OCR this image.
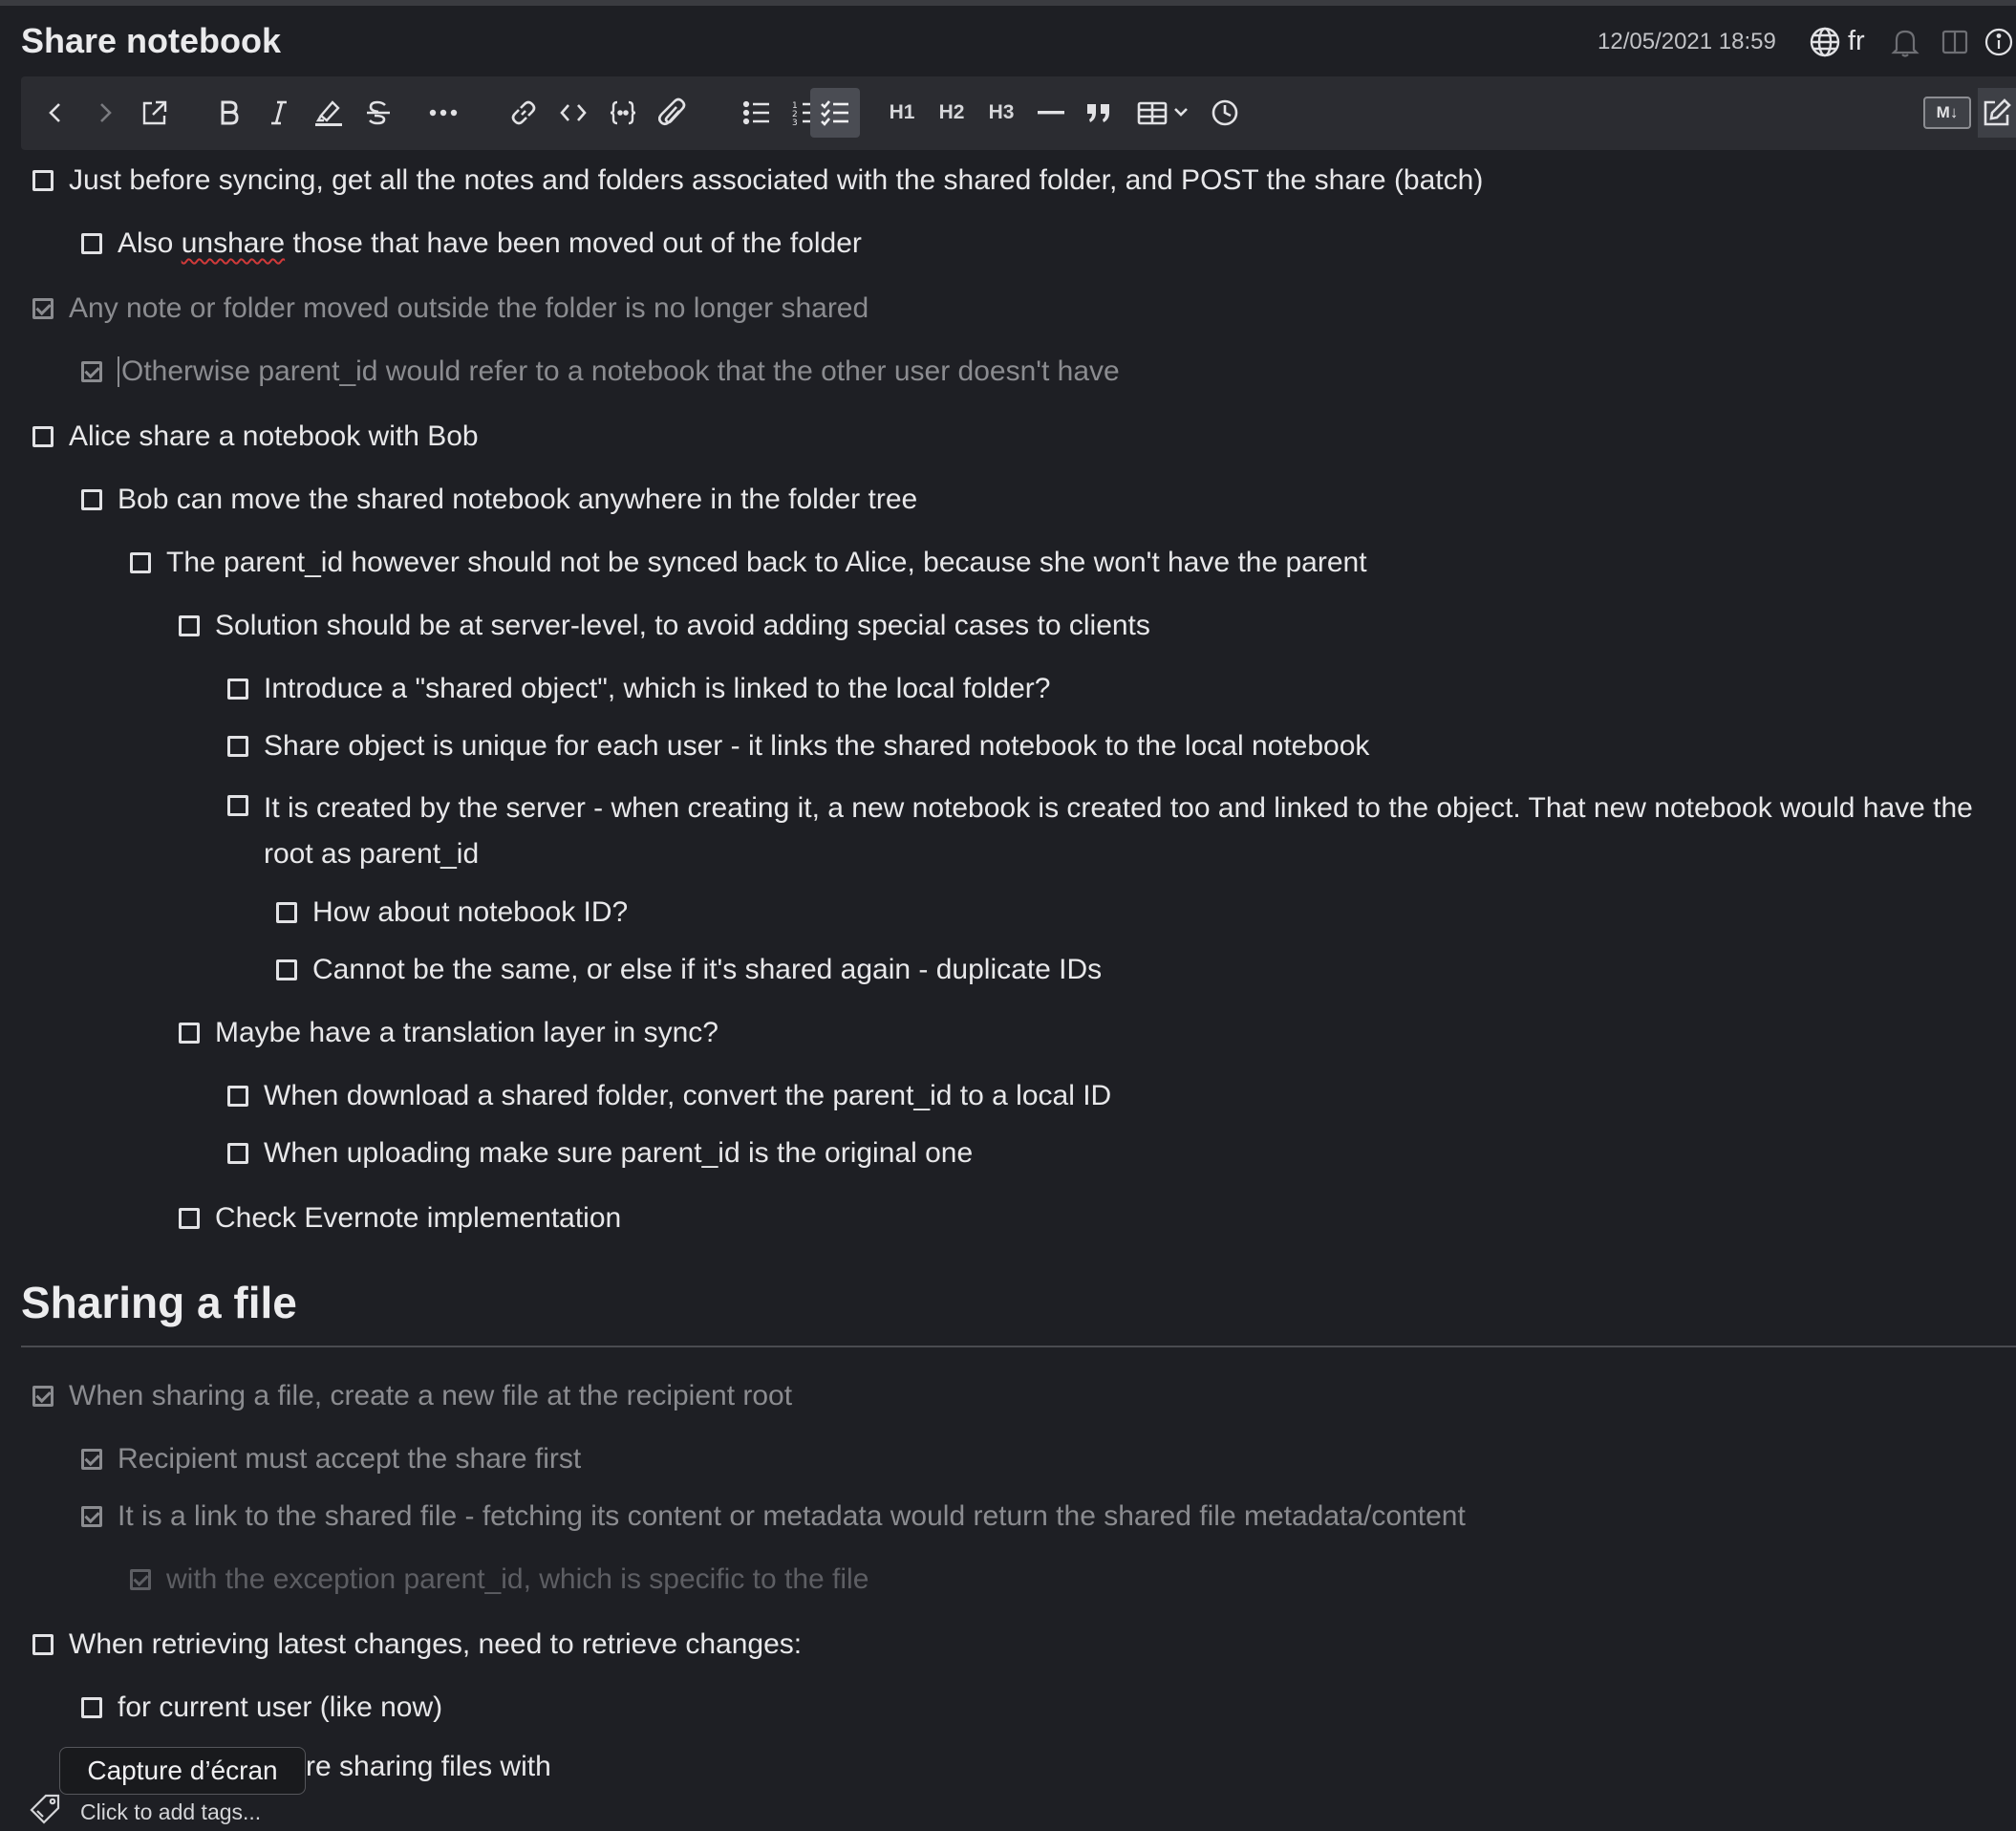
Share notebook	12/05/2021 18:59	fr
1
2
3	H1	H2	H3	M↓
Just before syncing, get all the notes and folders associated with the shared folder, and POST the share (batch)
Also unshare those that have been moved out of the folder
Any note or folder moved outside the folder is no longer shared
Otherwise parent_id would refer to a notebook that the other user doesn't have
Alice share a notebook with Bob
Bob can move the shared notebook anywhere in the folder tree
The parent_id however should not be synced back to Alice, because she won't have the parent
Solution should be at server-level, to avoid adding special cases to clients
Introduce a "shared object", which is linked to the local folder?
Share object is unique for each user - it links the shared notebook to the local notebook
It is created by the server - when creating it, a new notebook is created too and linked to the object. That new notebook would have the root as parent_id
How about notebook ID?
Cannot be the same, or else if it's shared again - duplicate IDs
Maybe have a translation layer in sync?
When download a shared folder, convert the parent_id to a local ID
When uploading make sure parent_id is the original one
Check Evernote implementation
Sharing a file
When sharing a file, create a new file at the recipient root
Recipient must accept the share first
It is a link to the shared file - fetching its content or metadata would return the shared file metadata/content
with the exception parent_id, which is specific to the file
When retrieving latest changes, need to retrieve changes:
for current user (like now)
re sharing files with
Capture d’écran
Click to add tags...
